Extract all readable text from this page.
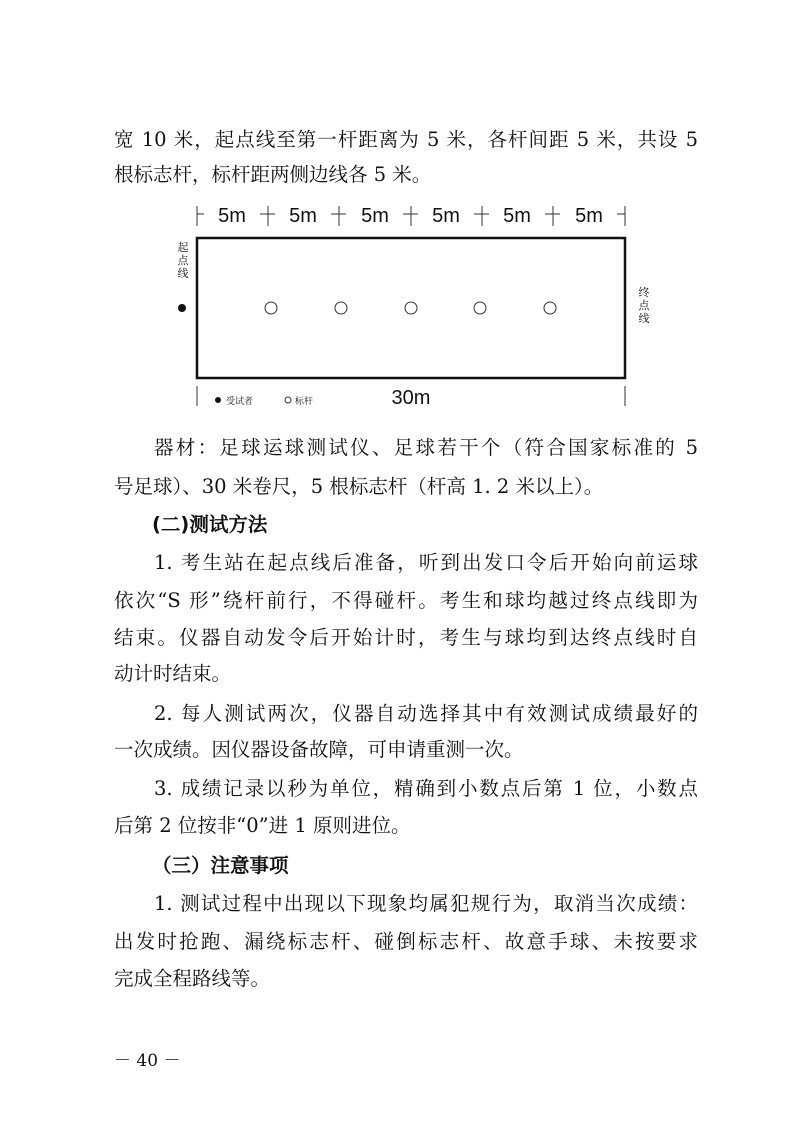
宽 10 米，起点线至第一杆距离为 5 米，各杆间距 5 米，共设 5
根标志杆，标杆距两侧边线各 5 米。
5m 5m 5m 5m 5m 5m
起
点
线
终
点
线
30m
受试者	标杆
器材：足球运球测试仪、足球若干个（符合国家标准的 5
号足球）、30 米卷尺，5 根标志杆（杆高 1. 2 米以上）。
(二)测试方法
1. 考生站在起点线后准备，听到出发口令后开始向前运球
依次“S 形”绕杆前行，不得碰杆。考生和球均越过终点线即为
结束。仪器自动发令后开始计时，考生与球均到达终点线时自
动计时结束。
2. 每人测试两次，仪器自动选择其中有效测试成绩最好的
一次成绩。因仪器设备故障，可申请重测一次。
3. 成绩记录以秒为单位，精确到小数点后第 1 位，小数点
后第 2 位按非“0”进 1 原则进位。
（三）注意事项
1. 测试过程中出现以下现象均属犯规行为，取消当次成绩：
出发时抢跑、漏绕标志杆、碰倒标志杆、故意手球、未按要求
完成全程路线等。
－ 40 －
